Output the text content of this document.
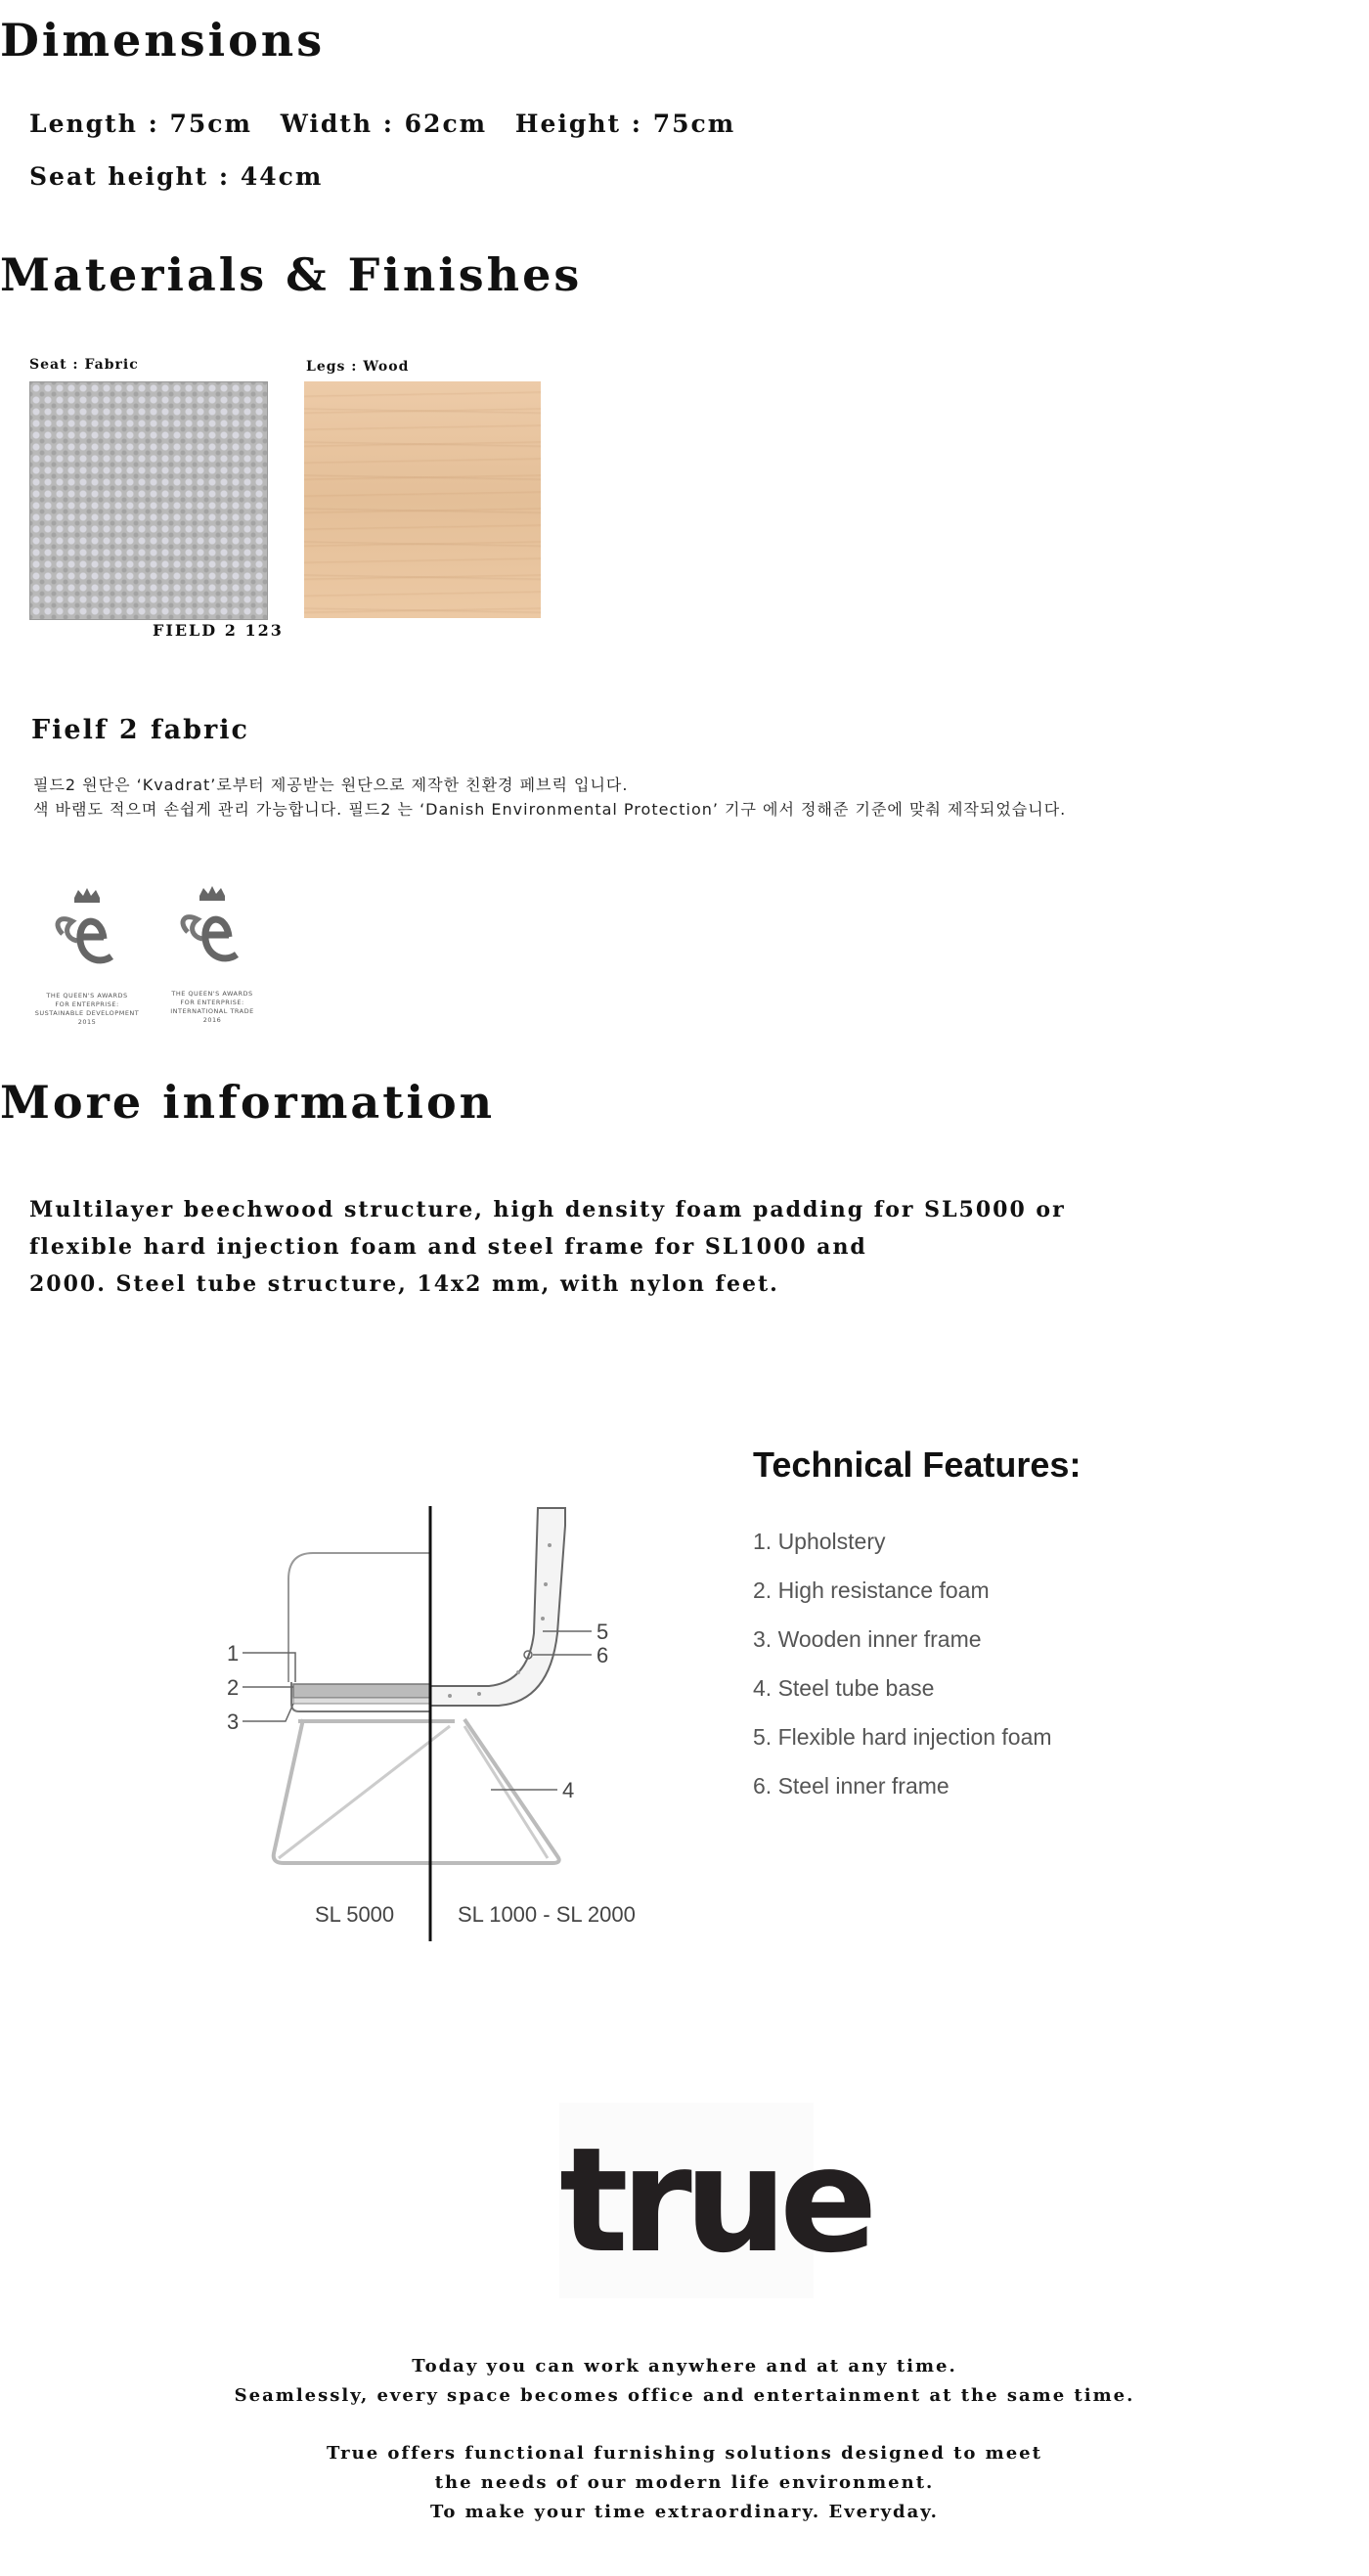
Dimensions
Length : 75cm Width : 62cm Height : 75cm
Seat height : 44cm
Materials & Finishes
Seat : Fabric
FIELD 2 123
Legs : Wood
Fielf 2 fabric
필드2 원단은 ‘Kvadrat’로부터 제공받는 원단으로 제작한 친환경 페브릭 입니다.
색 바램도 적으며 손쉽게 관리 가능합니다. 필드2 는 ‘Danish Environmental Protection’ 기구 에서 정해준 기준에 맞춰 제작되었습니다.
THE QUEEN'S AWARDS
FOR ENTERPRISE:
SUSTAINABLE DEVELOPMENT
2015
THE QUEEN'S AWARDS
FOR ENTERPRISE:
INTERNATIONAL TRADE
2016
More information
Multilayer beechwood structure, high density foam padding for SL5000 or
flexible hard injection foam and steel frame for SL1000 and
2000. Steel tube structure, 14x2 mm, with nylon feet.
1
2
3
4
5
6
SL 5000	SL 1000 - SL 2000
Technical Features:
1. Upholstery
2. High resistance foam
3. Wooden inner frame
4. Steel tube base
5. Flexible hard injection foam
6. Steel inner frame
true
Today you can work anywhere and at any time.
Seamlessly, every space becomes office and entertainment at the same time.
True offers functional furnishing solutions designed to meet
the needs of our modern life environment.
To make your time extraordinary. Everyday.
